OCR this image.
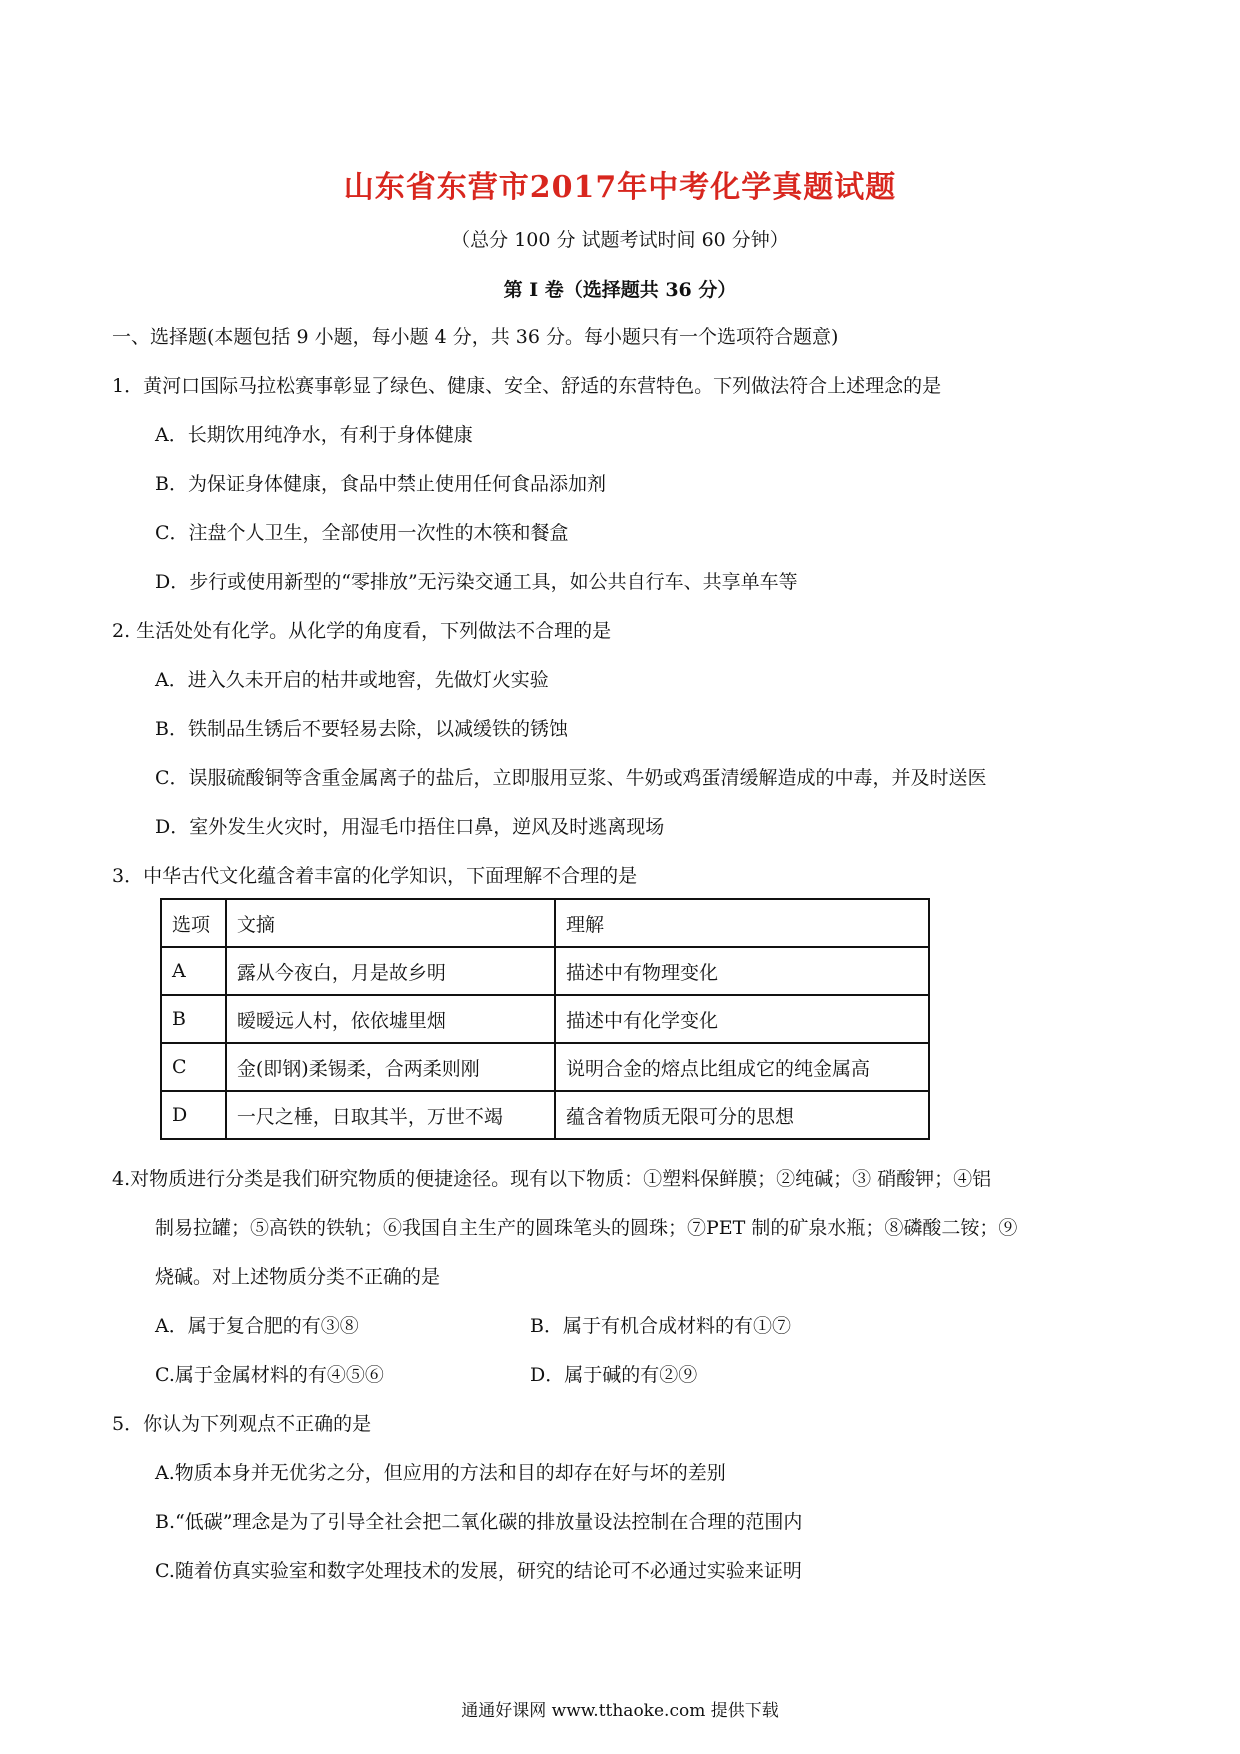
山东省东营市2017年中考化学真题试题
（总分 100 分 试题考试时间 60 分钟）
第 I 卷（选择题共 36 分）
一、选择题(本题包括 9 小题，每小题 4 分，共 36 分。每小题只有一个选项符合题意)
1．黄河口国际马拉松赛事彰显了绿色、健康、安全、舒适的东营特色。下列做法符合上述理念的是
A．长期饮用纯净水，有利于身体健康
B．为保证身体健康，食品中禁止使用任何食品添加剂
C．注盘个人卫生，全部使用一次性的木筷和餐盒
D．步行或使用新型的“零排放”无污染交通工具，如公共自行车、共享单车等
2. 生活处处有化学。从化学的角度看，下列做法不合理的是
A．进入久未开启的枯井或地窖，先做灯火实验
B．铁制品生锈后不要轻易去除，以减缓铁的锈蚀
C．误服硫酸铜等含重金属离子的盐后，立即服用豆浆、牛奶或鸡蛋清缓解造成的中毒，并及时送医
D．室外发生火灾时，用湿毛巾捂住口鼻，逆风及时逃离现场
3．中华古代文化蕴含着丰富的化学知识，下面理解不合理的是
选项	文摘	理解
A	露从今夜白，月是故乡明	描述中有物理变化
B	暧暧远人村，依依墟里烟	描述中有化学变化
C	金(即钢)柔锡柔，合两柔则刚	说明合金的熔点比组成它的纯金属高
D	一尺之棰，日取其半，万世不竭	蕴含着物质无限可分的思想
4.对物质进行分类是我们研究物质的便捷途径。现有以下物质：①塑料保鲜膜；②纯碱；③ 硝酸钾；④铝
制易拉罐；⑤高铁的铁轨；⑥我国自主生产的圆珠笔头的圆珠；⑦PET 制的矿泉水瓶；⑧磷酸二铵；⑨
烧碱。对上述物质分类不正确的是
A．属于复合肥的有③⑧	B．属于有机合成材料的有①⑦
C.属于金属材料的有④⑤⑥	D．属于碱的有②⑨
5．你认为下列观点不正确的是
A.物质本身并无优劣之分，但应用的方法和目的却存在好与坏的差别
B.“低碳”理念是为了引导全社会把二氧化碳的排放量设法控制在合理的范围内
C.随着仿真实验室和数字处理技术的发展，研究的结论可不必通过实验来证明
通通好课网 www.tthaoke.com 提供下载
